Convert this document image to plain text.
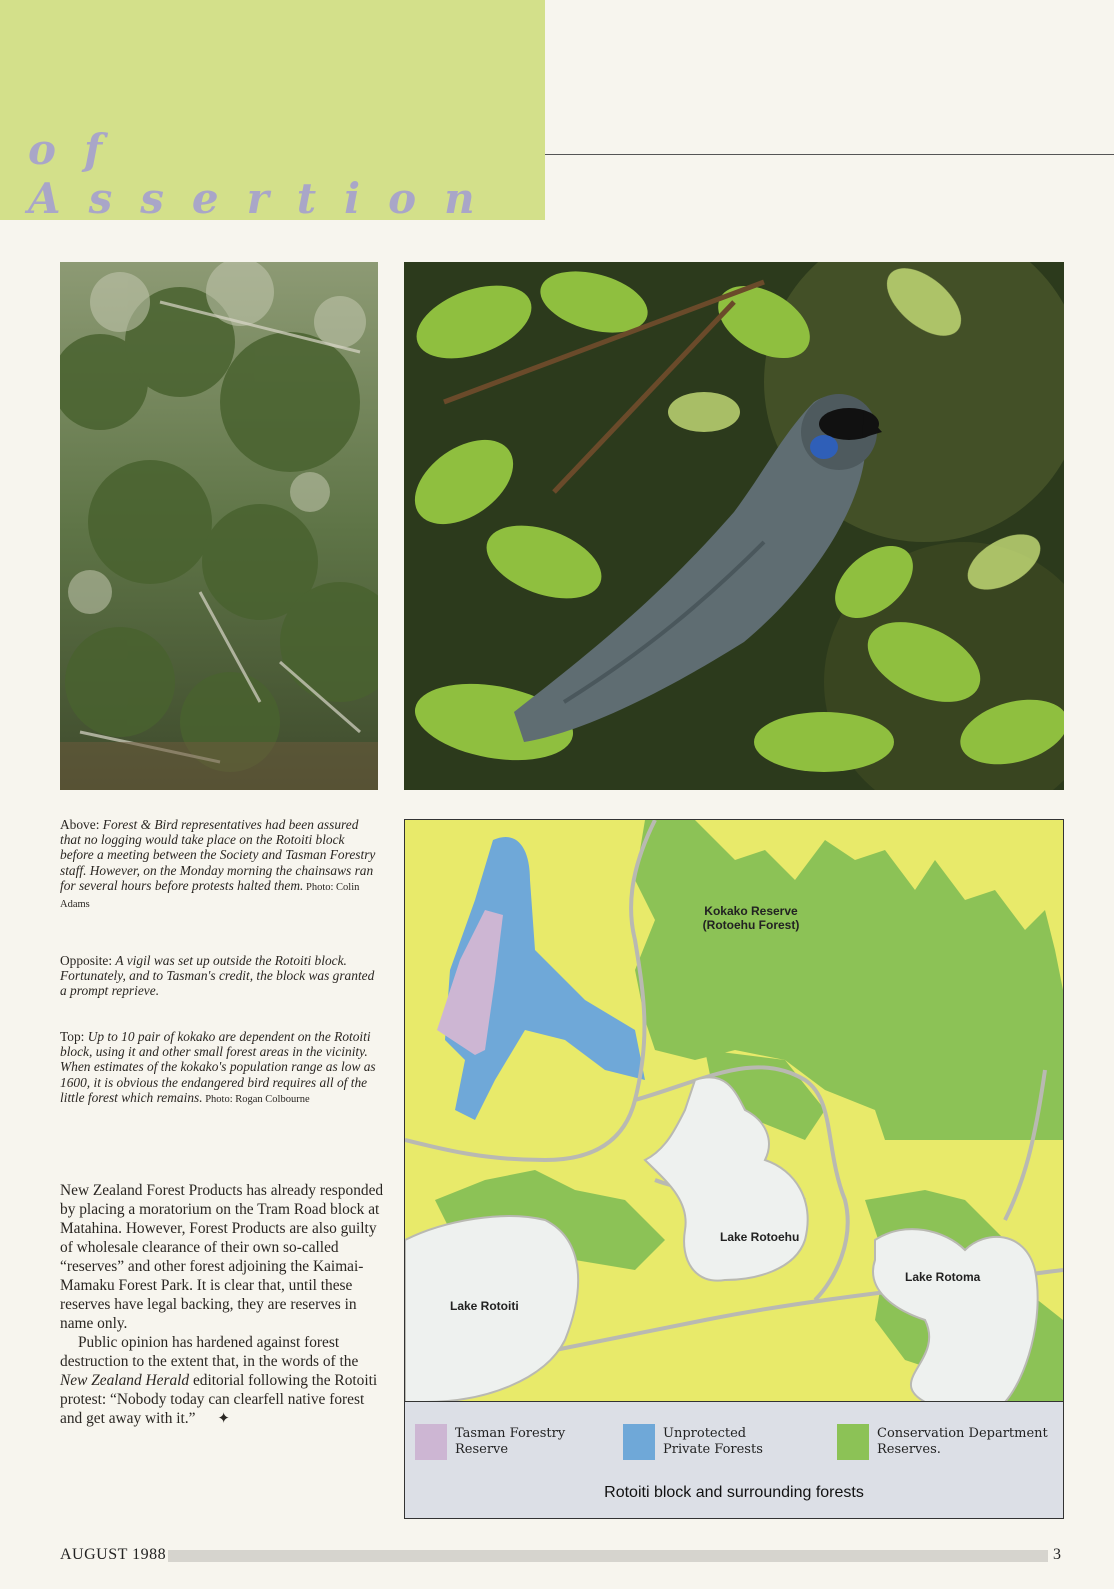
of Assertion
Above: Forest & Bird representatives had been assured that no logging would take place on the Rotoiti block before a meeting between the Society and Tasman Forestry staff. However, on the Monday morning the chainsaws ran for several hours before protests halted them. Photo: Colin Adams
Opposite: A vigil was set up outside the Rotoiti block. Fortunately, and to Tasman's credit, the block was granted a prompt reprieve.
Top: Up to 10 pair of kokako are dependent on the Rotoiti block, using it and other small forest areas in the vicinity. When estimates of the kokako's population range as low as 1600, it is obvious the endangered bird requires all of the little forest which remains. Photo: Rogan Colbourne

New Zealand Forest Products has already responded by placing a moratorium on the Tram Road block at Matahina. However, Forest Products are also guilty of wholesale clearance of their own so-called “reserves” and other forest adjoining the Kaimai-Mamaku Forest Park. It is clear that, until these reserves have legal backing, they are reserves in name only.

Public opinion has hardened against forest destruction to the extent that, in the words of the New Zealand Herald editorial following the Rotoiti protest: “Nobody today can clearfell native forest and get away with it.” ✦

Kokako Reserve
(Rotoehu Forest)
Lake Rotoehu
Lake Rotoma
Lake Rotoiti
Tasman Forestry Reserve
Unprotected Private Forests
Conservation Department Reserves.
Rotoiti block and surrounding forests
AUGUST 1988	3
